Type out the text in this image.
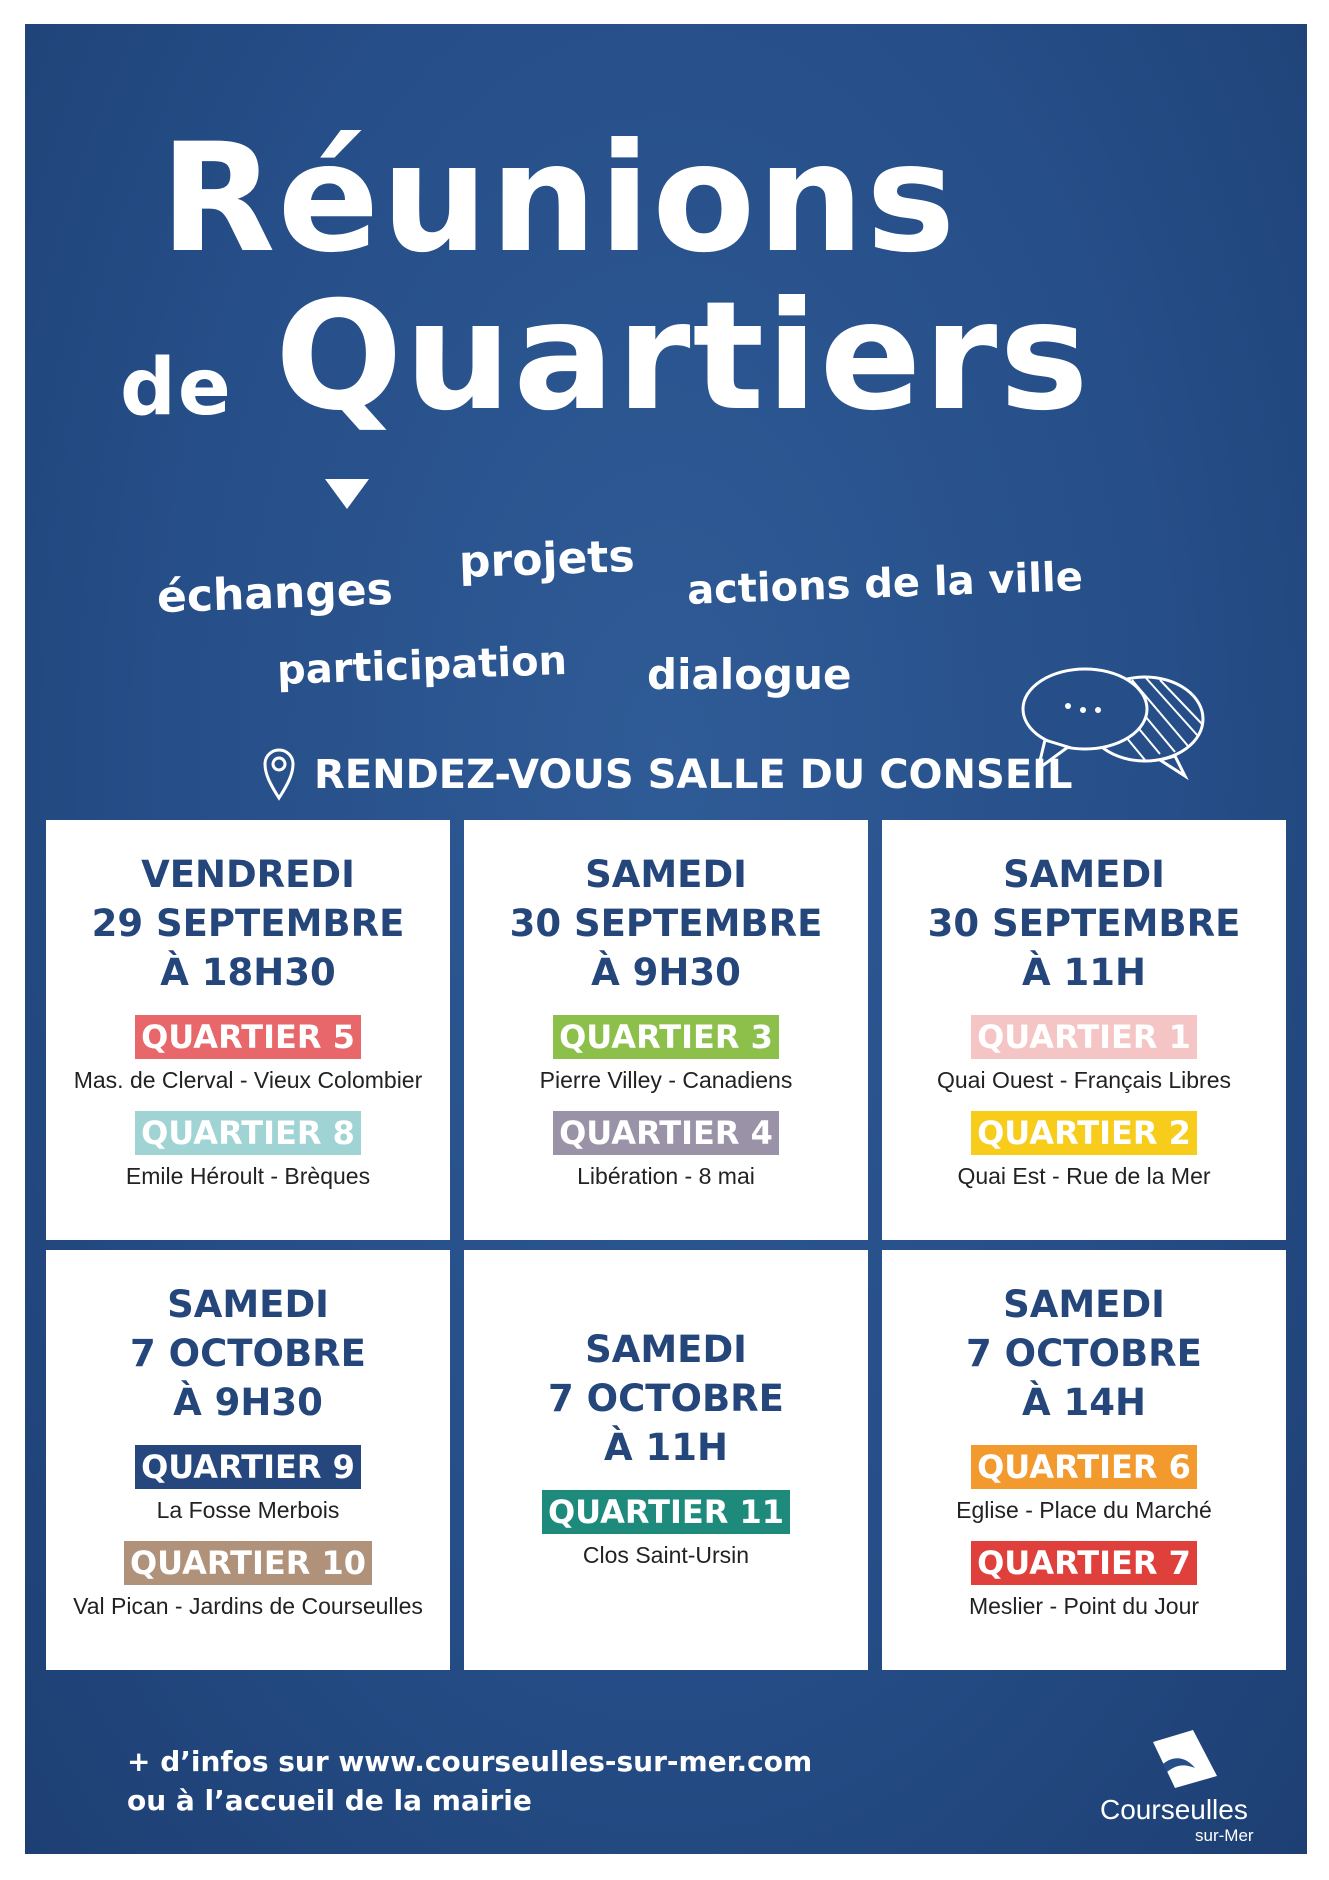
Réunions
de Quartiers
échanges
projets	actions de la ville
participation	dialogue
RENDEZ-VOUS SALLE DU CONSEIL
VENDREDI
29 SEPTEMBRE
À 18H30
QUARTIER 5
Mas. de Clerval - Vieux Colombier
QUARTIER 8
Emile Héroult - Brèques
SAMEDI
30 SEPTEMBRE
À 9H30
QUARTIER 3
Pierre Villey - Canadiens
QUARTIER 4
Libération - 8 mai
SAMEDI
30 SEPTEMBRE
À 11H
QUARTIER 1
Quai Ouest - Français Libres
QUARTIER 2
Quai Est - Rue de la Mer
SAMEDI
7 OCTOBRE
À 9H30
QUARTIER 9
La Fosse Merbois
QUARTIER 10
Val Pican - Jardins de Courseulles
SAMEDI
7 OCTOBRE
À 11H
QUARTIER 11
Clos Saint-Ursin
SAMEDI
7 OCTOBRE
À 14H
QUARTIER 6
Eglise - Place du Marché
QUARTIER 7
Meslier - Point du Jour
+ d’infos sur www.courseulles-sur-mer.com
ou à l’accueil de la mairie	Courseulles
sur-Mer
